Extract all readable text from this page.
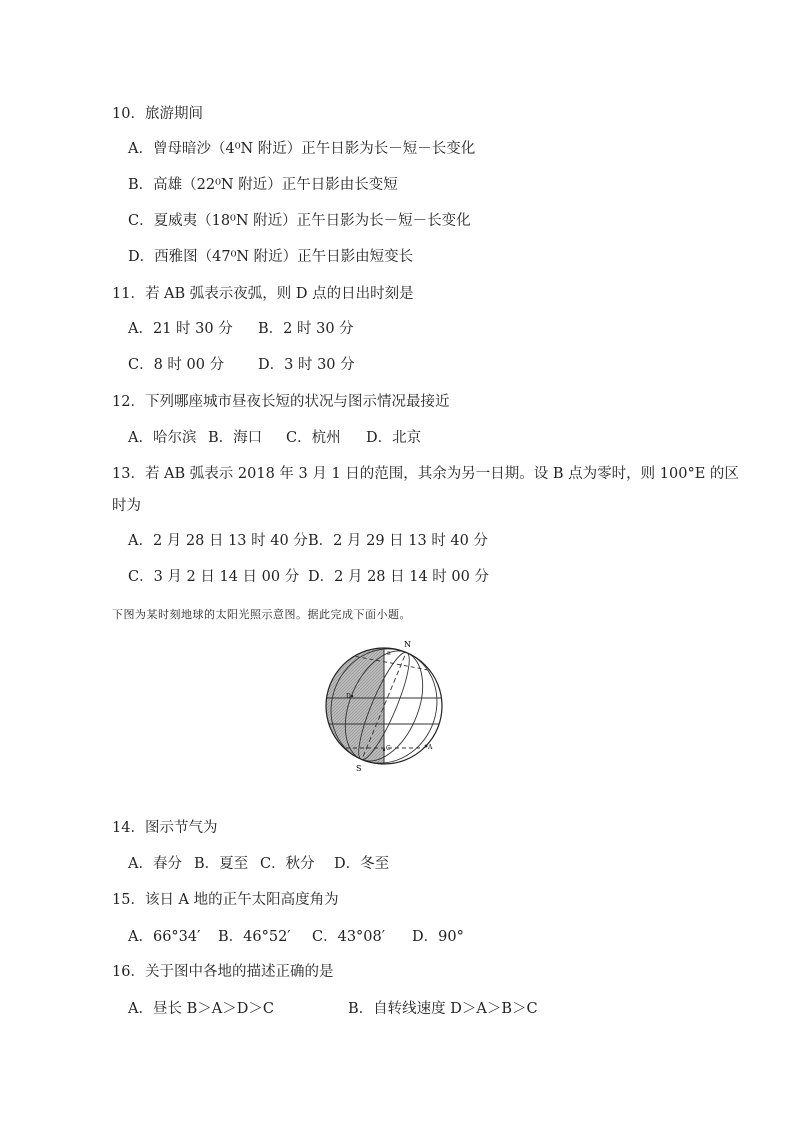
10．旅游期间
A．曾母暗沙（4⁰N 附近）正午日影为长－短－长变化
B．高雄（22⁰N 附近）正午日影由长变短
C．夏威夷（18⁰N 附近）正午日影为长－短－长变化
D．西雅图（47⁰N 附近）正午日影由短变长
11．若 AB 弧表示夜弧，则 D 点的日出时刻是
A．21 时 30 分 B．2 时 30 分
C．8 时 00 分 D．3 时 30 分
12．下列哪座城市昼夜长短的状况与图示情况最接近
A．哈尔滨 B．海口 C．杭州 D．北京
13．若 AB 弧表示 2018 年 3 月 1 日的范围，其余为另一日期。设 B 点为零时，则 100°E 的区
时为
A．2 月 28 日 13 时 40 分 B．2 月 29 日 13 时 40 分
C．3 月 2 日 14 日 00 分 D．2 月 28 日 14 时 00 分
下图为某时刻地球的太阳光照示意图。据此完成下面小题。
N
S
A
B
C
D
14．图示节气为
A．春分 B．夏至 C．秋分 D．冬至
15．该日 A 地的正午太阳高度角为
A．66°34′ B．46°52′ C．43°08′ D．90°
16．关于图中各地的描述正确的是
A．昼长 B＞A＞D＞C	B．自转线速度 D＞A＞B＞C
